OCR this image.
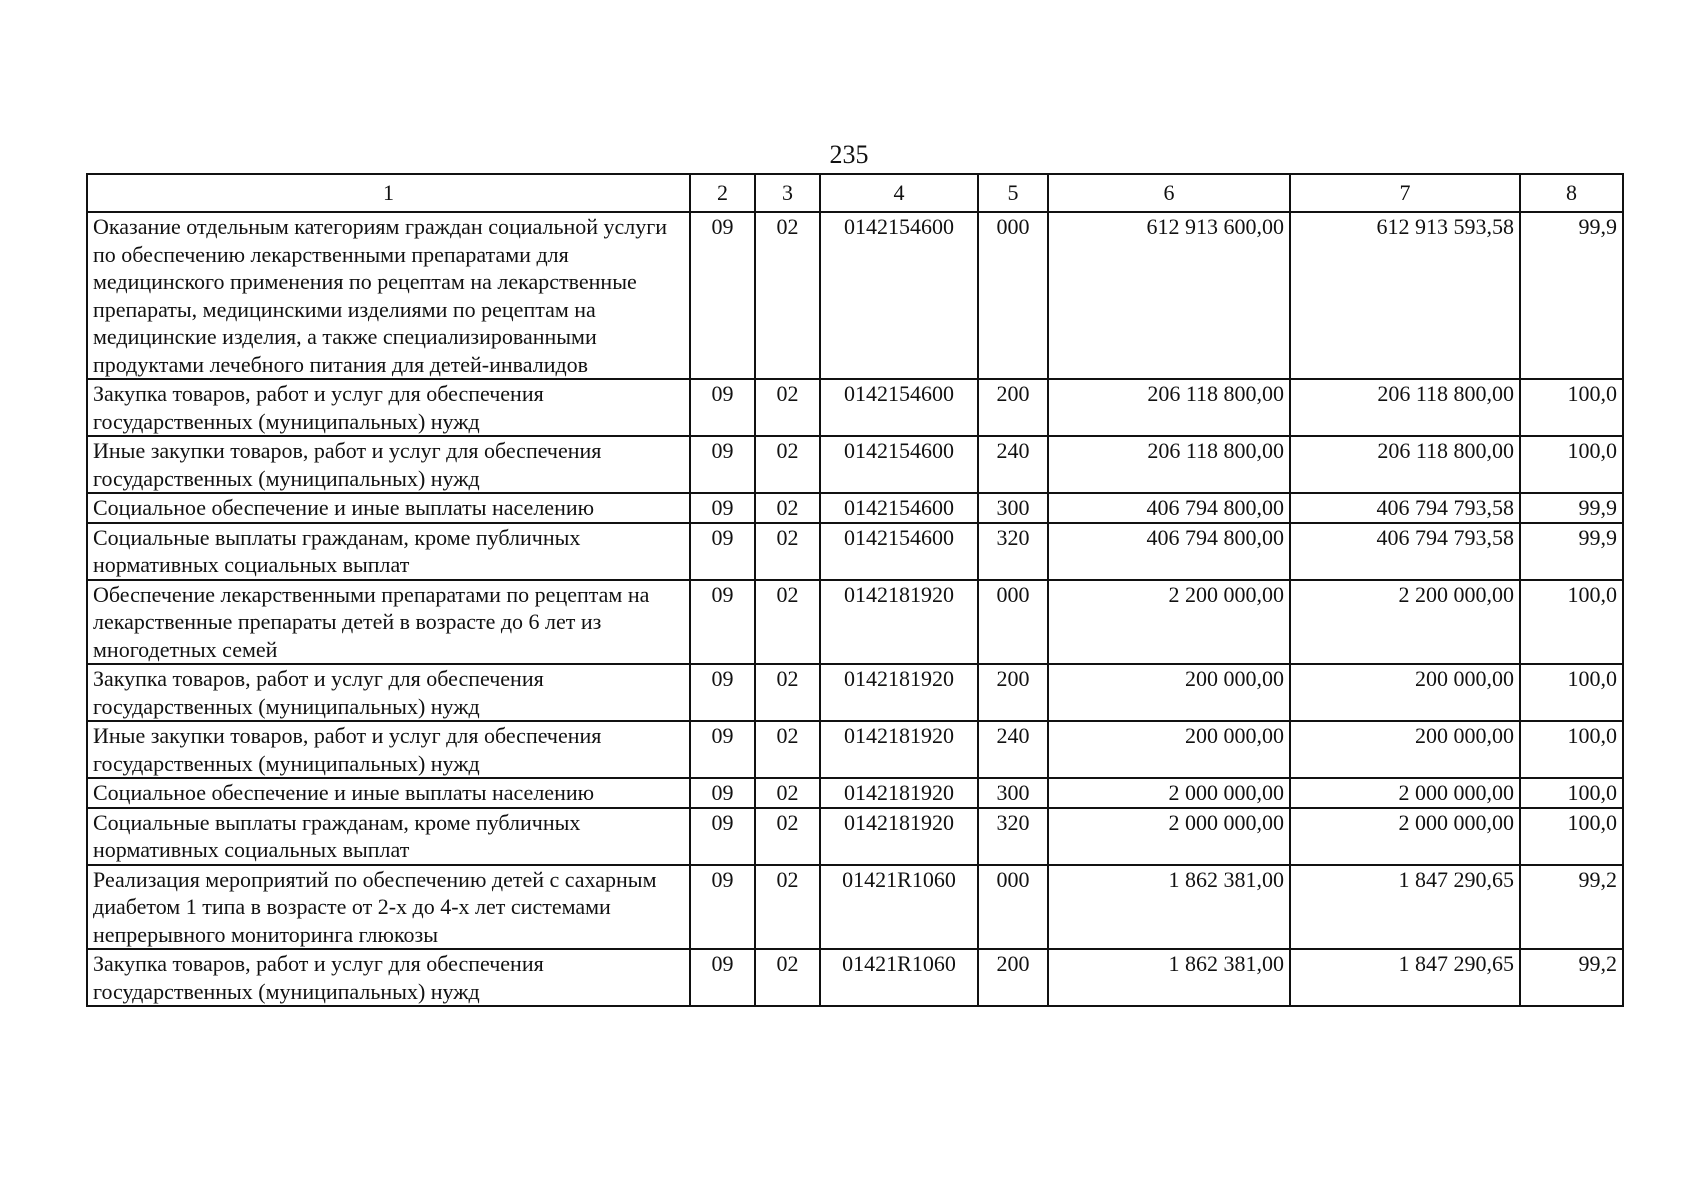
235
1	2	3	4	5	6	7	8
Оказание отдельным категориям граждан социальной услуги по обеспечению лекарственными препаратами для медицинского применения по рецептам на лекарственные препараты, медицинскими изделиями по рецептам на медицинские изделия, а также специализированными продуктами лечебного питания для детей-инвалидов	09	02	0142154600	000	612 913 600,00	612 913 593,58	99,9
Закупка товаров, работ и услуг для обеспечения государственных (муниципальных) нужд	09	02	0142154600	200	206 118 800,00	206 118 800,00	100,0
Иные закупки товаров, работ и услуг для обеспечения государственных (муниципальных) нужд	09	02	0142154600	240	206 118 800,00	206 118 800,00	100,0
Социальное обеспечение и иные выплаты населению	09	02	0142154600	300	406 794 800,00	406 794 793,58	99,9
Социальные выплаты гражданам, кроме публичных нормативных социальных выплат	09	02	0142154600	320	406 794 800,00	406 794 793,58	99,9
Обеспечение лекарственными препаратами по рецептам на лекарственные препараты детей в возрасте до 6 лет из многодетных семей	09	02	0142181920	000	2 200 000,00	2 200 000,00	100,0
Закупка товаров, работ и услуг для обеспечения государственных (муниципальных) нужд	09	02	0142181920	200	200 000,00	200 000,00	100,0
Иные закупки товаров, работ и услуг для обеспечения государственных (муниципальных) нужд	09	02	0142181920	240	200 000,00	200 000,00	100,0
Социальное обеспечение и иные выплаты населению	09	02	0142181920	300	2 000 000,00	2 000 000,00	100,0
Социальные выплаты гражданам, кроме публичных нормативных социальных выплат	09	02	0142181920	320	2 000 000,00	2 000 000,00	100,0
Реализация мероприятий по обеспечению детей с сахарным диабетом 1 типа в возрасте от 2-х до 4-х лет системами непрерывного мониторинга глюкозы	09	02	01421R1060	000	1 862 381,00	1 847 290,65	99,2
Закупка товаров, работ и услуг для обеспечения государственных (муниципальных) нужд	09	02	01421R1060	200	1 862 381,00	1 847 290,65	99,2
